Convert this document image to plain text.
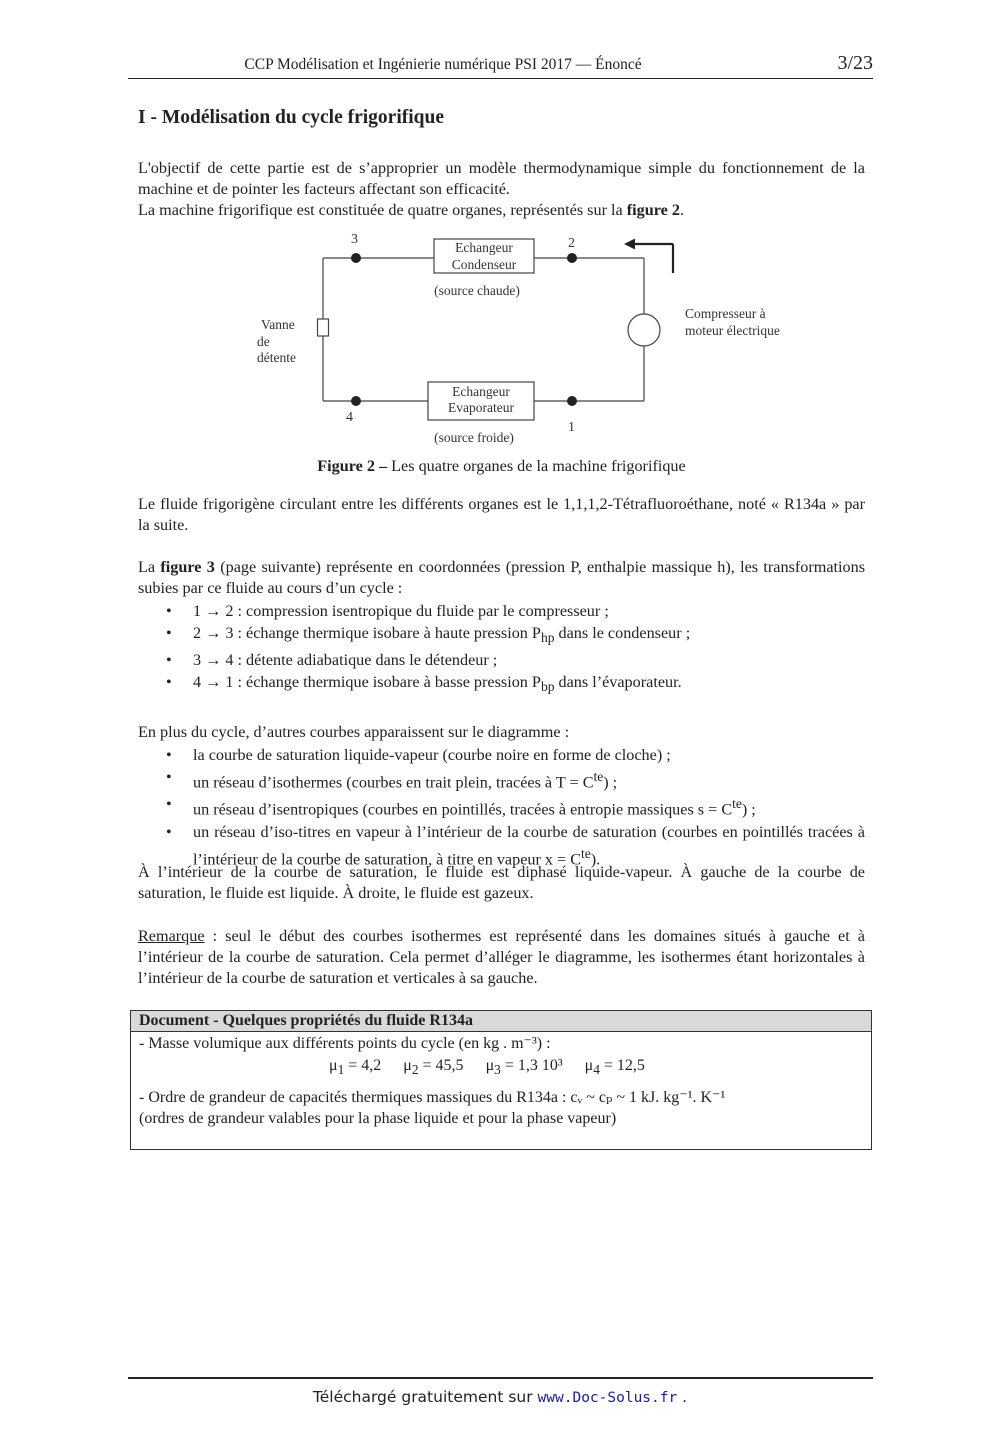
CCP Modélisation et Ingénierie numérique PSI 2017 — Énoncé	3/23
I - Modélisation du cycle frigorifique
L'objectif de cette partie est de s’approprier un modèle thermodynamique simple du fonctionnement de la machine et de pointer les facteurs affectant son efficacité.
La machine frigorifique est constituée de quatre organes, représentés sur la figure 2.
3	2
4
1
Echangeur
Condenseur
(source chaude)
Echangeur
Evaporateur
(source froide)
Vanne
de
détente
Compresseur à
moteur électrique
Figure 2 – Les quatre organes de la machine frigorifique
Le fluide frigorigène circulant entre les différents organes est le 1,1,1,2-Tétrafluoroéthane, noté « R134a » par la suite.
La figure 3 (page suivante) représente en coordonnées (pression P, enthalpie massique h), les transformations subies par ce fluide au cours d’un cycle :
• 1 → 2 : compression isentropique du fluide par le compresseur ;
• 2 → 3 : échange thermique isobare à haute pression $P_{hp}$ dans le condenseur ;
• 3 → 4 : détente adiabatique dans le détendeur ;
• 4 → 1 : échange thermique isobare à basse pression $P_{bp}$ dans l’évaporateur.
En plus du cycle, d’autres courbes apparaissent sur le diagramme :
• la courbe de saturation liquide-vapeur (courbe noire en forme de cloche) ;
• un réseau d’isothermes (courbes en trait plein, tracées à $T = C^{te}$) ;
• un réseau d’isentropiques (courbes en pointillés, tracées à entropie massiques $s = C^{te}$) ;
• un réseau d’iso-titres en vapeur à l’intérieur de la courbe de saturation (courbes en pointillés tracées à l’intérieur de la courbe de saturation, à titre en vapeur $x = C^{te}$).
À l’intérieur de la courbe de saturation, le fluide est diphasé liquide-vapeur. À gauche de la courbe de saturation, le fluide est liquide. À droite, le fluide est gazeux.
Remarque : seul le début des courbes isothermes est représenté dans les domaines situés à gauche et à l’intérieur de la courbe de saturation. Cela permet d’alléger le diagramme, les isothermes étant horizontales à l’intérieur de la courbe de saturation et verticales à sa gauche.
Document - Quelques propriétés du fluide R134a
- Masse volumique aux différents points du cycle (en kg . m⁻³) :
$\mu_1 = 4,2$ $\mu_2 = 45,5$ $\mu_3 = 1,3$ 10³ $\mu_4 = 12,5$
- Ordre de grandeur de capacités thermiques massiques du R134a : cᵥ ~ cₚ ~ 1 kJ. kg⁻¹. K⁻¹
(ordres de grandeur valables pour la phase liquide et pour la phase vapeur)
Téléchargé gratuitement sur www.Doc-Solus.fr .
